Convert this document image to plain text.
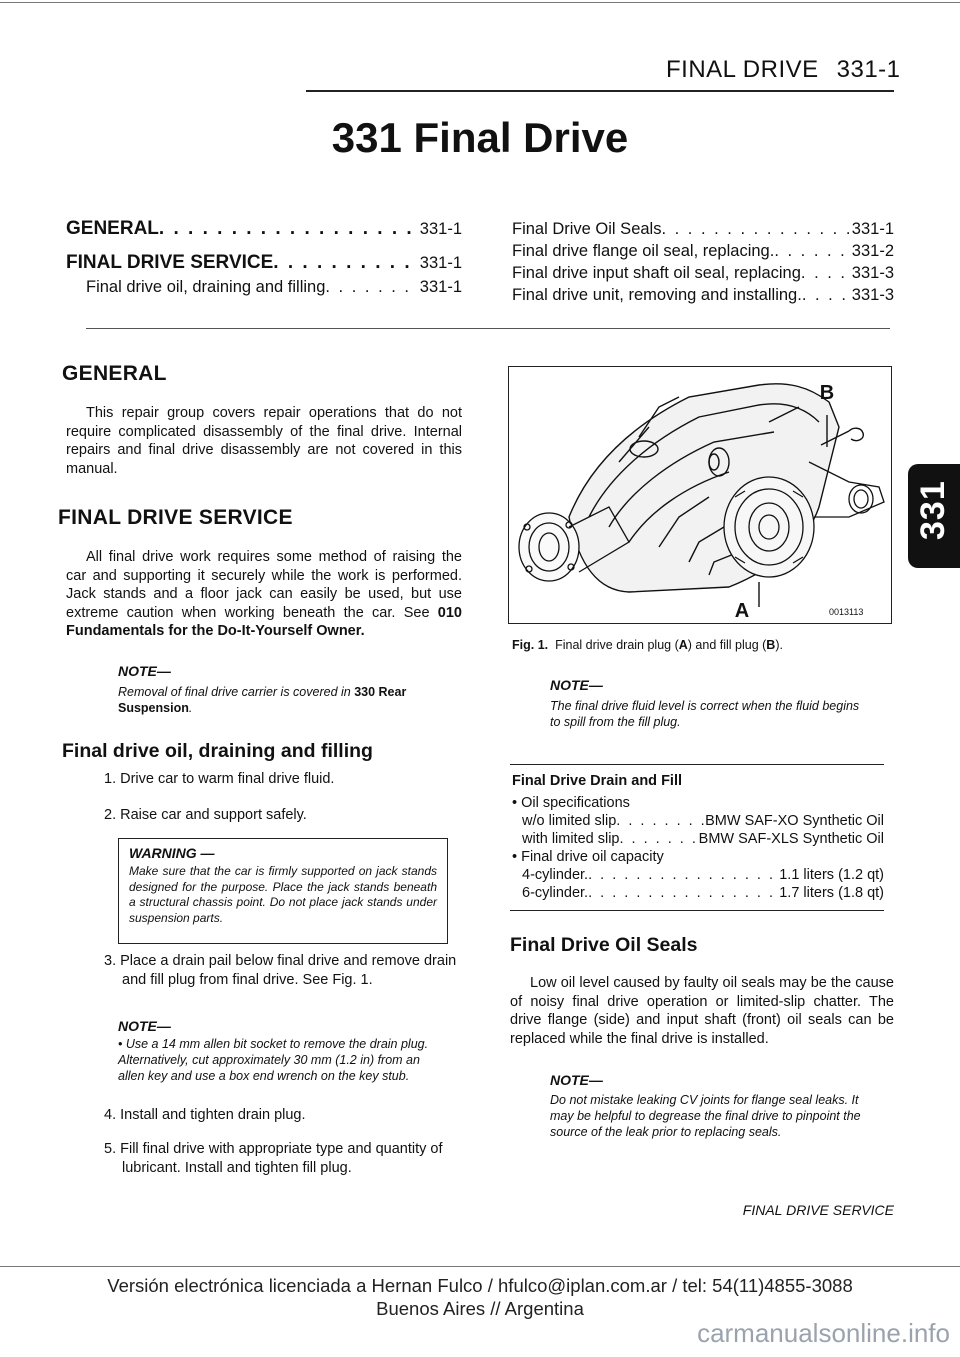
FINAL DRIVE 331-1
331 Final Drive
GENERAL . . .	331-1
FINAL DRIVE SERVICE . . .	331-1
Final drive oil, draining and filling . . .	331-1
Final Drive Oil Seals . . .	331-1
Final drive flange oil seal, replacing. . . .	331-2
Final drive input shaft oil seal, replacing . . .	331-3
Final drive unit, removing and installing. . . .	331-3
GENERAL
This repair group covers repair operations that do not require complicated disassembly of the final drive. Internal repairs and final drive disassembly are not covered in this manual.
FINAL DRIVE SERVICE
All final drive work requires some method of raising the car and supporting it securely while the work is performed. Jack stands and a floor jack can easily be used, but use extreme caution when working beneath the car. See 010 Fundamentals for the Do-It-Yourself Owner.
NOTE—
Removal of final drive carrier is covered in 330 Rear Suspension.
Final drive oil, draining and filling
1. Drive car to warm final drive fluid.
2. Raise car and support safely.
WARNING —
Make sure that the car is firmly supported on jack stands designed for the purpose. Place the jack stands beneath a structural chassis point. Do not place jack stands under suspension parts.
3. Place a drain pail below final drive and remove drain and fill plug from final drive. See Fig. 1.
NOTE—
• Use a 14 mm allen bit socket to remove the drain plug. Alternatively, cut approximately 30 mm (1.2 in) from an allen key and use a box end wrench on the key stub.
4. Install and tighten drain plug.
5. Fill final drive with appropriate type and quantity of lubricant. Install and tighten fill plug.
B
A	0013113
Fig. 1. Final drive drain plug (A) and fill plug (B).
NOTE—
The final drive fluid level is correct when the fluid begins to spill from the fill plug.
Final Drive Drain and Fill
• Oil specifications
w/o limited slip . . .	BMW SAF-XO Synthetic Oil
with limited slip . . .	BMW SAF-XLS Synthetic Oil
• Final drive oil capacity
4-cylinder. . . .	1.1 liters (1.2 qt)
6-cylinder. . . .	1.7 liters (1.8 qt)
Final Drive Oil Seals
Low oil level caused by faulty oil seals may be the cause of noisy final drive operation or limited-slip chatter. The drive flange (side) and input shaft (front) oil seals can be replaced while the final drive is installed.
NOTE—
Do not mistake leaking CV joints for flange seal leaks. It may be helpful to degrease the final drive to pinpoint the source of the leak prior to replacing seals.
331
FINAL DRIVE SERVICE
Versión electrónica licenciada a Hernan Fulco / hfulco@iplan.com.ar / tel: 54(11)4855-3088
Buenos Aires // Argentina
carmanualsonline.info
